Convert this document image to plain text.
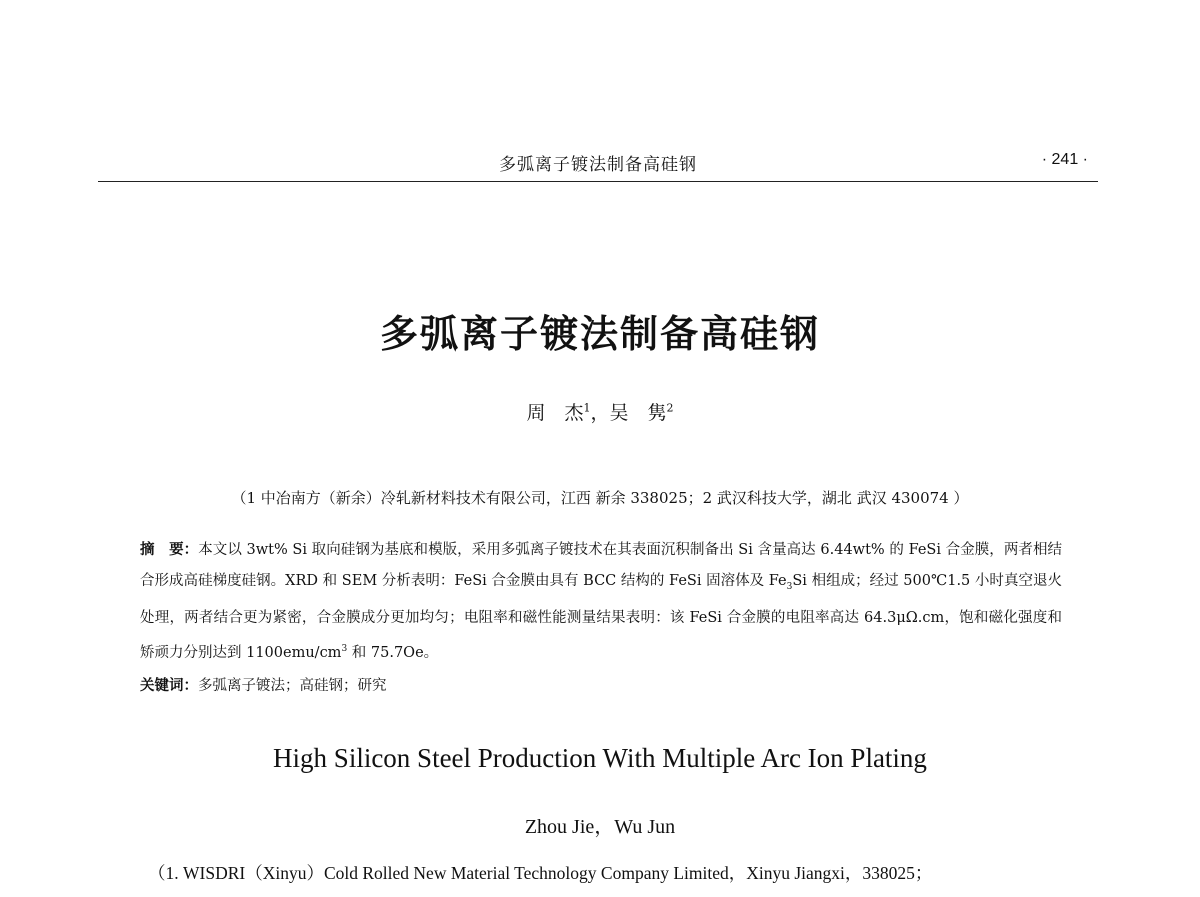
多弧离子镀法制备高硅钢	· 241 ·
多弧离子镀法制备高硅钢
周　杰$^1$，吴　隽$^2$
（1 中冶南方（新余）冷轧新材料技术有限公司，江西 新余 338025；2 武汉科技大学，湖北 武汉 430074 ）
摘　要：本文以 3wt% Si 取向硅钢为基底和模版，采用多弧离子镀技术在其表面沉积制备出 Si 含量高达 6.44wt% 的 FeSi 合金膜，两者相结合形成高硅梯度硅钢。XRD 和 SEM 分析表明：FeSi 合金膜由具有 BCC 结构的 FeSi 固溶体及 $Fe_3Si$ 相组成；经过 500℃1.5 小时真空退火处理，两者结合更为紧密，合金膜成分更加均匀；电阻率和磁性能测量结果表明：该 FeSi 合金膜的电阻率高达 64.3μΩ.cm，饱和磁化强度和矫顽力分别达到 $1100emu/cm^3$ 和 75.7Oe。
关键词：多弧离子镀法；高硅钢；研究
High Silicon Steel Production With Multiple Arc Ion Plating
Zhou Jie，Wu Jun
（1. WISDRI（Xinyu）Cold Rolled New Material Technology Company Limited，Xinyu Jiangxi，338025；
